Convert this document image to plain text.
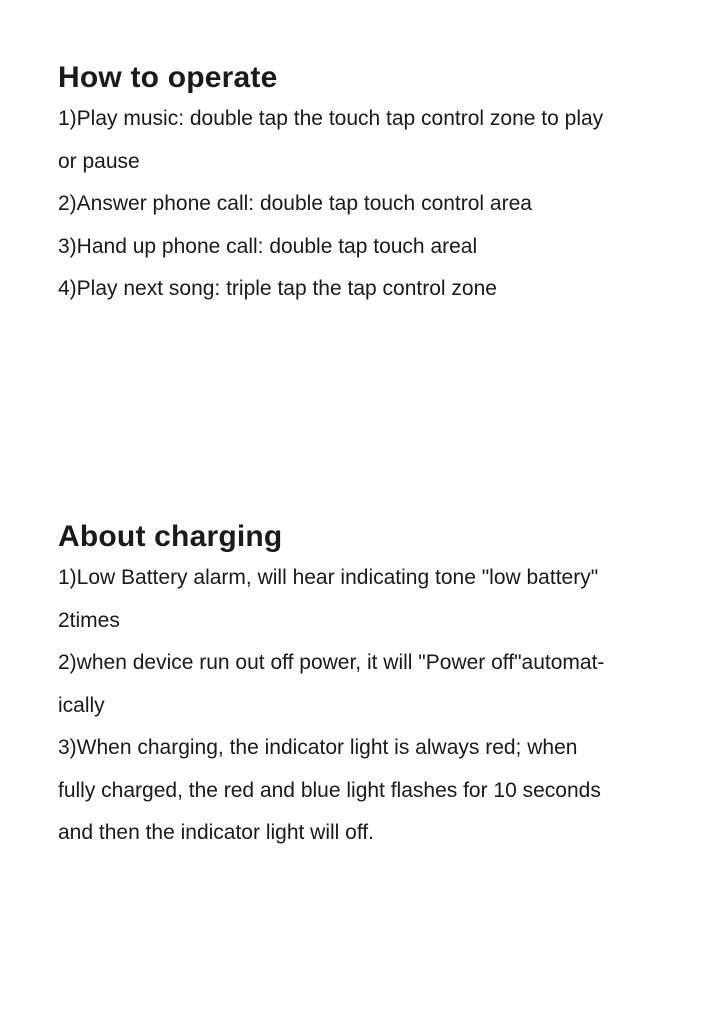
How to operate
1)Play music: double tap the touch tap control zone to play
or pause
2)Answer phone call: double tap touch control area
3)Hand up phone call: double tap touch areal
4)Play next song: triple tap the tap control zone
About charging
1)Low Battery alarm, will hear indicating tone "low battery"
2times
2)when device run out off power, it will "Power off"automat-
ically
3)When charging, the indicator light is always red; when
fully charged, the red and blue light flashes for 10 seconds
and then the indicator light will off.
